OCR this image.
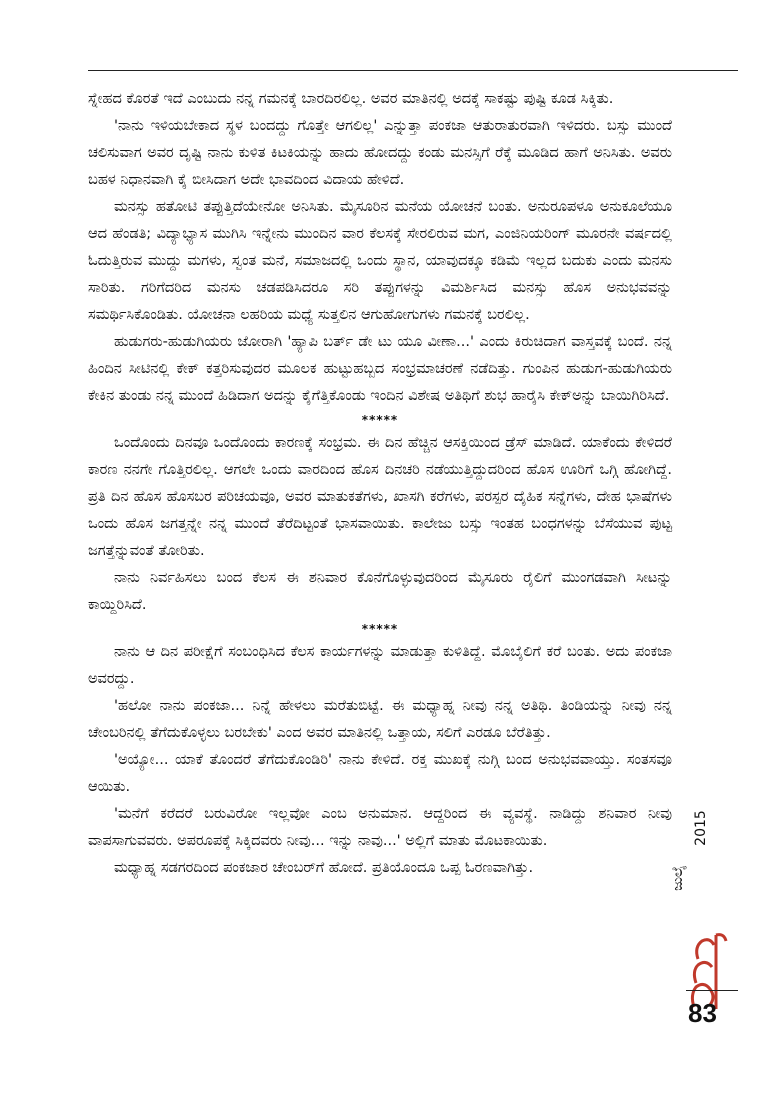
ಸ್ನೇಹದ ಕೊರತೆ ಇದೆ ಎಂಬುದು ನನ್ನ ಗಮನಕ್ಕೆ ಬಾರದಿರಲಿಲ್ಲ. ಅವರ ಮಾತಿನಲ್ಲಿ ಅದಕ್ಕೆ ಸಾಕಷ್ಟು ಪುಷ್ಟಿ ಕೂಡ ಸಿಕ್ಕಿತು.

'ನಾನು ಇಳಿಯಬೇಕಾದ ಸ್ಥಳ ಬಂದದ್ದು ಗೊತ್ತೇ ಆಗಲಿಲ್ಲ' ಎನ್ನುತ್ತಾ ಪಂಕಜಾ ಆತುರಾತುರವಾಗಿ ಇಳಿದರು. ಬಸ್ಸು ಮುಂದೆ ಚಲಿಸುವಾಗ ಅವರ ದೃಷ್ಟಿ ನಾನು ಕುಳಿತ ಕಿಟಕಿಯನ್ನು ಹಾದು ಹೋದದ್ದು ಕಂಡು ಮನಸ್ಸಿಗೆ ರೆಕ್ಕೆ ಮೂಡಿದ ಹಾಗೆ ಅನಿಸಿತು. ಅವರು ಬಹಳ ನಿಧಾನವಾಗಿ ಕೈ ಬೀಸಿದಾಗ ಅದೇ ಭಾವದಿಂದ ವಿದಾಯ ಹೇಳಿದೆ.

ಮನಸ್ಸು ಹತೋಟಿ ತಪ್ಪುತ್ತಿದೆಯೇನೋ ಅನಿಸಿತು. ಮೈಸೂರಿನ ಮನೆಯ ಯೋಚನೆ ಬಂತು. ಅನುರೂಪಳೂ ಅನುಕೂಲೆಯೂ ಆದ ಹೆಂಡತಿ; ವಿದ್ಯಾಭ್ಯಾಸ ಮುಗಿಸಿ ಇನ್ನೇನು ಮುಂದಿನ ವಾರ ಕೆಲಸಕ್ಕೆ ಸೇರಲಿರುವ ಮಗ, ಎಂಜಿನಿಯರಿಂಗ್ ಮೂರನೇ ವರ್ಷದಲ್ಲಿ ಓದುತ್ತಿರುವ ಮುದ್ದು ಮಗಳು, ಸ್ವಂತ ಮನೆ, ಸಮಾಜದಲ್ಲಿ ಒಂದು ಸ್ಥಾನ, ಯಾವುದಕ್ಕೂ ಕಡಿಮೆ ಇಲ್ಲದ ಬದುಕು ಎಂದು ಮನಸು ಸಾರಿತು. ಗರಿಗೆದರಿದ ಮನಸು ಚಡಪಡಿಸಿದರೂ ಸರಿ ತಪ್ಪುಗಳನ್ನು ವಿಮರ್ಶಿಸಿದ ಮನಸ್ಸು ಹೊಸ ಅನುಭವವನ್ನು ಸಮರ್ಥಿಸಿಕೊಂಡಿತು. ಯೋಚನಾ ಲಹರಿಯ ಮಧ್ಯೆ ಸುತ್ತಲಿನ ಆಗುಹೋಗುಗಳು ಗಮನಕ್ಕೆ ಬರಲಿಲ್ಲ.

ಹುಡುಗರು-ಹುಡುಗಿಯರು ಜೋರಾಗಿ 'ಹ್ಯಾಪಿ ಬರ್ತ್ ಡೇ ಟು ಯೂ ವೀಣಾ...' ಎಂದು ಕಿರುಚಿದಾಗ ವಾಸ್ತವಕ್ಕೆ ಬಂದೆ. ನನ್ನ ಹಿಂದಿನ ಸೀಟಿನಲ್ಲಿ ಕೇಕ್ ಕತ್ತರಿಸುವುದರ ಮೂಲಕ ಹುಟ್ಟುಹಬ್ಬದ ಸಂಭ್ರಮಾಚರಣೆ ನಡೆದಿತ್ತು. ಗುಂಪಿನ ಹುಡುಗ-ಹುಡುಗಿಯರು ಕೇಕಿನ ತುಂಡು ನನ್ನ ಮುಂದೆ ಹಿಡಿದಾಗ ಅದನ್ನು ಕೈಗೆತ್ತಿಕೊಂಡು ಇಂದಿನ ವಿಶೇಷ ಅತಿಥಿಗೆ ಶುಭ ಹಾರೈಸಿ ಕೇಕ್‌ಅನ್ನು ಬಾಯಿಗಿರಿಸಿದೆ.

*****

ಒಂದೊಂದು ದಿನವೂ ಒಂದೊಂದು ಕಾರಣಕ್ಕೆ ಸಂಭ್ರಮ. ಈ ದಿನ ಹೆಚ್ಚಿನ ಆಸಕ್ತಿಯಿಂದ ಡ್ರೆಸ್ ಮಾಡಿದೆ. ಯಾಕೆಂದು ಕೇಳಿದರೆ ಕಾರಣ ನನಗೇ ಗೊತ್ತಿರಲಿಲ್ಲ. ಆಗಲೇ ಒಂದು ವಾರದಿಂದ ಹೊಸ ದಿನಚರಿ ನಡೆಯುತ್ತಿದ್ದುದರಿಂದ ಹೊಸ ಊರಿಗೆ ಒಗ್ಗಿ ಹೋಗಿದ್ದೆ. ಪ್ರತಿ ದಿನ ಹೊಸ ಹೊಸಬರ ಪರಿಚಯವೂ, ಅವರ ಮಾತುಕತೆಗಳು, ಖಾಸಗಿ ಕರೆಗಳು, ಪರಸ್ಪರ ದೈಹಿಕ ಸನ್ನೆಗಳು, ದೇಹ ಭಾಷೆಗಳು ಒಂದು ಹೊಸ ಜಗತ್ತನ್ನೇ ನನ್ನ ಮುಂದೆ ತೆರೆದಿಟ್ಟಂತೆ ಭಾಸವಾಯಿತು. ಕಾಲೇಜು ಬಸ್ಸು ಇಂತಹ ಬಂಧಗಳನ್ನು ಬೆಸೆಯುವ ಪುಟ್ಟ ಜಗತ್ತೆನ್ನುವಂತೆ ತೋರಿತು.

ನಾನು ನಿರ್ವಹಿಸಲು ಬಂದ ಕೆಲಸ ಈ ಶನಿವಾರ ಕೊನೆಗೊಳ್ಳುವುದರಿಂದ ಮೈಸೂರು ರೈಲಿಗೆ ಮುಂಗಡವಾಗಿ ಸೀಟನ್ನು ಕಾಯ್ದಿರಿಸಿದೆ.

*****

ನಾನು ಆ ದಿನ ಪರೀಕ್ಷೆಗೆ ಸಂಬಂಧಿಸಿದ ಕೆಲಸ ಕಾರ್ಯಗಳನ್ನು ಮಾಡುತ್ತಾ ಕುಳಿತಿದ್ದೆ. ಮೊಬೈಲಿಗೆ ಕರೆ ಬಂತು. ಅದು ಪಂಕಜಾ ಅವರದ್ದು.

'ಹಲೋ ನಾನು ಪಂಕಜಾ... ನಿನ್ನೆ ಹೇಳಲು ಮರೆತುಬಿಟ್ಟೆ. ಈ ಮಧ್ಯಾಹ್ನ ನೀವು ನನ್ನ ಅತಿಥಿ. ತಿಂಡಿಯನ್ನು ನೀವು ನನ್ನ ಚೇಂಬರಿನಲ್ಲಿ ತೆಗೆದುಕೊಳ್ಳಲು ಬರಬೇಕು' ಎಂದ ಅವರ ಮಾತಿನಲ್ಲಿ ಒತ್ತಾಯ, ಸಲಿಗೆ ಎರಡೂ ಬೆರೆತಿತ್ತು.

'ಅಯ್ಯೋ... ಯಾಕೆ ತೊಂದರೆ ತೆಗೆದುಕೊಂಡಿರಿ' ನಾನು ಕೇಳಿದೆ. ರಕ್ತ ಮುಖಕ್ಕೆ ನುಗ್ಗಿ ಬಂದ ಅನುಭವವಾಯ್ತು. ಸಂತಸವೂ ಆಯಿತು.

'ಮನೆಗೆ ಕರೆದರೆ ಬರುವಿರೋ ಇಲ್ಲವೋ ಎಂಬ ಅನುಮಾನ. ಆದ್ದರಿಂದ ಈ ವ್ಯವಸ್ಥೆ. ನಾಡಿದ್ದು ಶನಿವಾರ ನೀವು ವಾಪಸಾಗುವವರು. ಅಪರೂಪಕ್ಕೆ ಸಿಕ್ಕಿದವರು ನೀವು... ಇನ್ನು ನಾವು...' ಅಲ್ಲಿಗೆ ಮಾತು ಮೊಟಕಾಯಿತು.

ಮಧ್ಯಾಹ್ನ ಸಡಗರದಿಂದ ಪಂಕಜಾರ ಚೇಂಬರ್‌ಗೆ ಹೋದೆ. ಪ್ರತಿಯೊಂದೂ ಒಪ್ಪ ಓರಣವಾಗಿತ್ತು.

2015
ಜುಲೈ
83
